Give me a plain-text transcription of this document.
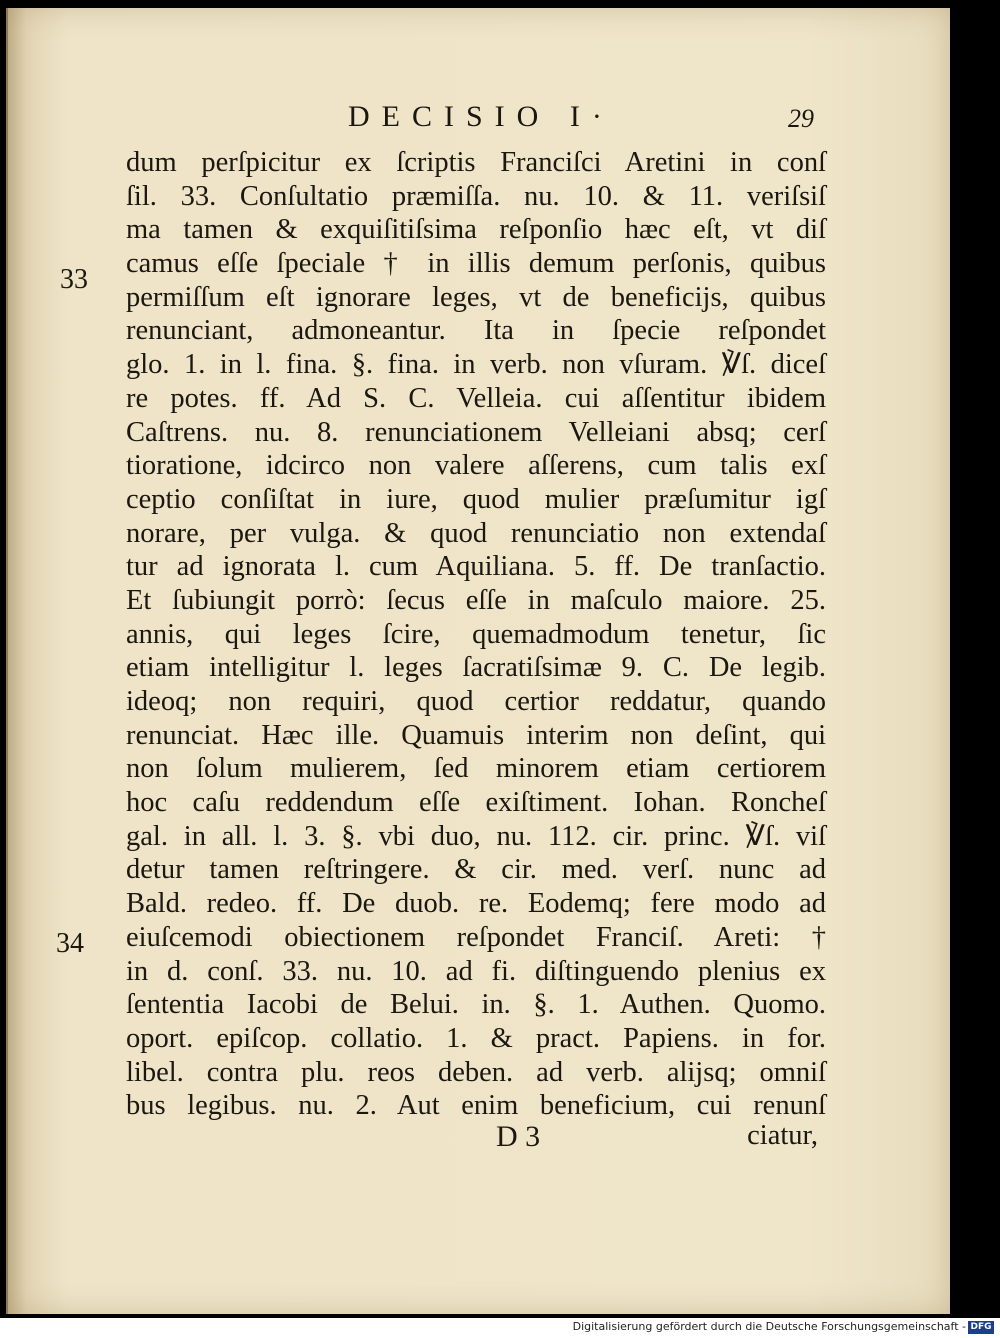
DECISIO I·	29
33
34
dum perſpicitur ex ſcriptis Franciſci Aretini in conſ
ſil. 33. Conſultatio præmiſſa. nu. 10. & 11. veriſsiſ
ma tamen & exquiſitiſsima reſponſio hæc eſt, vt diſ
camus eſſe ſpeciale † in illis demum perſonis, quibus
permiſſum eſt ignorare leges, vt de beneficijs, quibus
renunciant, admoneantur. Ita in ſpecie reſpondet
glo. 1. in l. fina. §. fina. in verb. non vſuram. ℣ſ. diceſ
re potes. ff. Ad S. C. Velleia. cui aſſentitur ibidem
Caſtrens. nu. 8. renunciationem Velleiani absq; cerſ
tioratione, idcirco non valere aſſerens, cum talis exſ
ceptio conſiſtat in iure, quod mulier præſumitur igſ
norare, per vulga. & quod renunciatio non extendaſ
tur ad ignorata l. cum Aquiliana. 5. ff. De tranſactio.
Et ſubiungit porrò: ſecus eſſe in maſculo maiore. 25.
annis, qui leges ſcire, quemadmodum tenetur, ſic
etiam intelligitur l. leges ſacratiſsimæ 9. C. De legib.
ideoq; non requiri, quod certior reddatur, quando
renunciat. Hæc ille. Quamuis interim non deſint, qui
non ſolum mulierem, ſed minorem etiam certiorem
hoc caſu reddendum eſſe exiſtiment. Iohan. Roncheſ
gal. in all. l. 3. §. vbi duo, nu. 112. cir. princ. ℣ſ. viſ
detur tamen reſtringere. & cir. med. verſ. nunc ad
Bald. redeo. ff. De duob. re. Eodemq; fere modo ad
eiuſcemodi obiectionem reſpondet Franciſ. Areti: †
in d. conſ. 33. nu. 10. ad fi. diſtinguendo plenius ex
ſententia Iacobi de Belui. in. §. 1. Authen. Quomo.
oport. epiſcop. collatio. 1. & pract. Papiens. in for.
libel. contra plu. reos deben. ad verb. alijsq; omniſ
bus legibus. nu. 2. Aut enim beneficium, cui renunſ
D 3	ciatur,
Digitalisierung gefördert durch die Deutsche Forschungsgemeinschaft - DFG
